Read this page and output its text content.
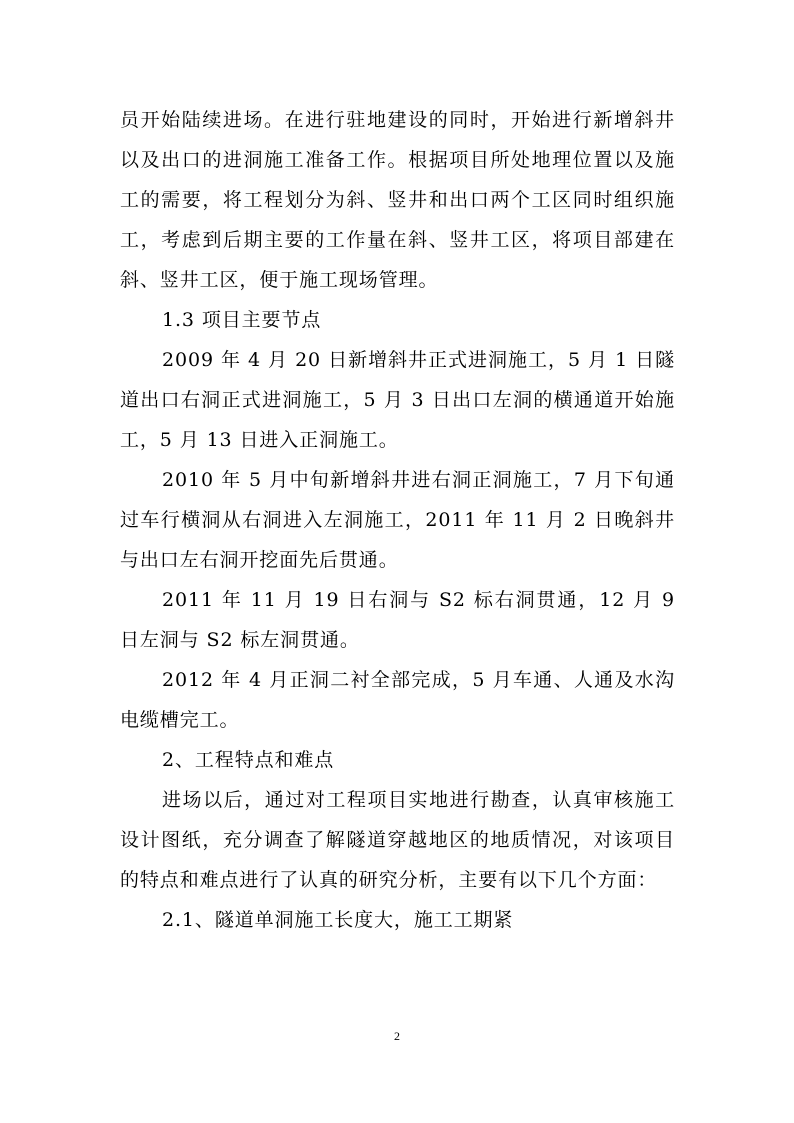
员开始陆续进场。在进行驻地建设的同时，开始进行新增斜井以及出口的进洞施工准备工作。根据项目所处地理位置以及施工的需要，将工程划分为斜、竖井和出口两个工区同时组织施工，考虑到后期主要的工作量在斜、竖井工区，将项目部建在斜、竖井工区，便于施工现场管理。

1.3 项目主要节点

2009 年 4 月 20 日新增斜井正式进洞施工，5 月 1 日隧道出口右洞正式进洞施工，5 月 3 日出口左洞的横通道开始施工，5 月 13 日进入正洞施工。

2010 年 5 月中旬新增斜井进右洞正洞施工，7 月下旬通过车行横洞从右洞进入左洞施工，2011 年 11 月 2 日晚斜井与出口左右洞开挖面先后贯通。

2011 年 11 月 19 日右洞与 S2 标右洞贯通，12 月 9 日左洞与 S2 标左洞贯通。

2012 年 4 月正洞二衬全部完成，5 月车通、人通及水沟电缆槽完工。

2、工程特点和难点

进场以后，通过对工程项目实地进行勘查，认真审核施工设计图纸，充分调查了解隧道穿越地区的地质情况，对该项目的特点和难点进行了认真的研究分析，主要有以下几个方面：

2.1、隧道单洞施工长度大，施工工期紧

2
